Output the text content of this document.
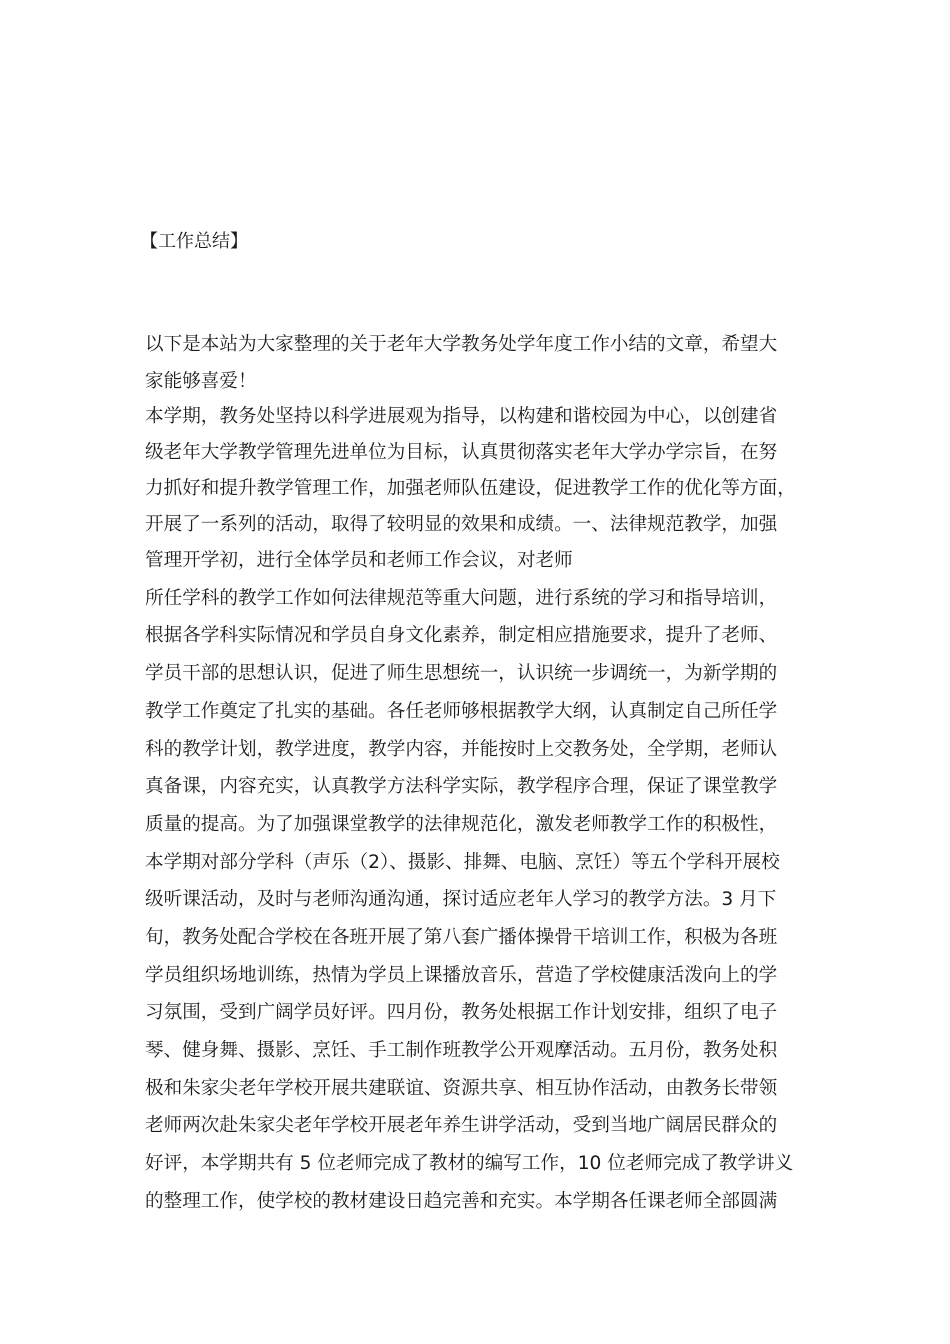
【工作总结】
以下是本站为大家整理的关于老年大学教务处学年度工作小结的文章，希望大
家能够喜爱！
本学期，教务处坚持以科学进展观为指导，以构建和谐校园为中心，以创建省
级老年大学教学管理先进单位为目标，认真贯彻落实老年大学办学宗旨，在努
力抓好和提升教学管理工作，加强老师队伍建设，促进教学工作的优化等方面，
开展了一系列的活动，取得了较明显的效果和成绩。一、法律规范教学，加强
管理开学初，进行全体学员和老师工作会议，对老师
所任学科的教学工作如何法律规范等重大问题，进行系统的学习和指导培训，
根据各学科实际情况和学员自身文化素养，制定相应措施要求，提升了老师、
学员干部的思想认识，促进了师生思想统一，认识统一步调统一，为新学期的
教学工作奠定了扎实的基础。各任老师够根据教学大纲，认真制定自己所任学
科的教学计划，教学进度，教学内容，并能按时上交教务处，全学期，老师认
真备课，内容充实，认真教学方法科学实际，教学程序合理，保证了课堂教学
质量的提高。为了加强课堂教学的法律规范化，激发老师教学工作的积极性，
本学期对部分学科（声乐（2）、摄影、排舞、电脑、烹饪）等五个学科开展校
级听课活动，及时与老师沟通沟通，探讨适应老年人学习的教学方法。3 月下
旬，教务处配合学校在各班开展了第八套广播体操骨干培训工作，积极为各班
学员组织场地训练，热情为学员上课播放音乐，营造了学校健康活泼向上的学
习氛围，受到广阔学员好评。四月份，教务处根据工作计划安排，组织了电子
琴、健身舞、摄影、烹饪、手工制作班教学公开观摩活动。五月份，教务处积
极和朱家尖老年学校开展共建联谊、资源共享、相互协作活动，由教务长带领
老师两次赴朱家尖老年学校开展老年养生讲学活动，受到当地广阔居民群众的
好评，本学期共有 5 位老师完成了教材的编写工作，10 位老师完成了教学讲义
的整理工作，使学校的教材建设日趋完善和充实。本学期各任课老师全部圆满
